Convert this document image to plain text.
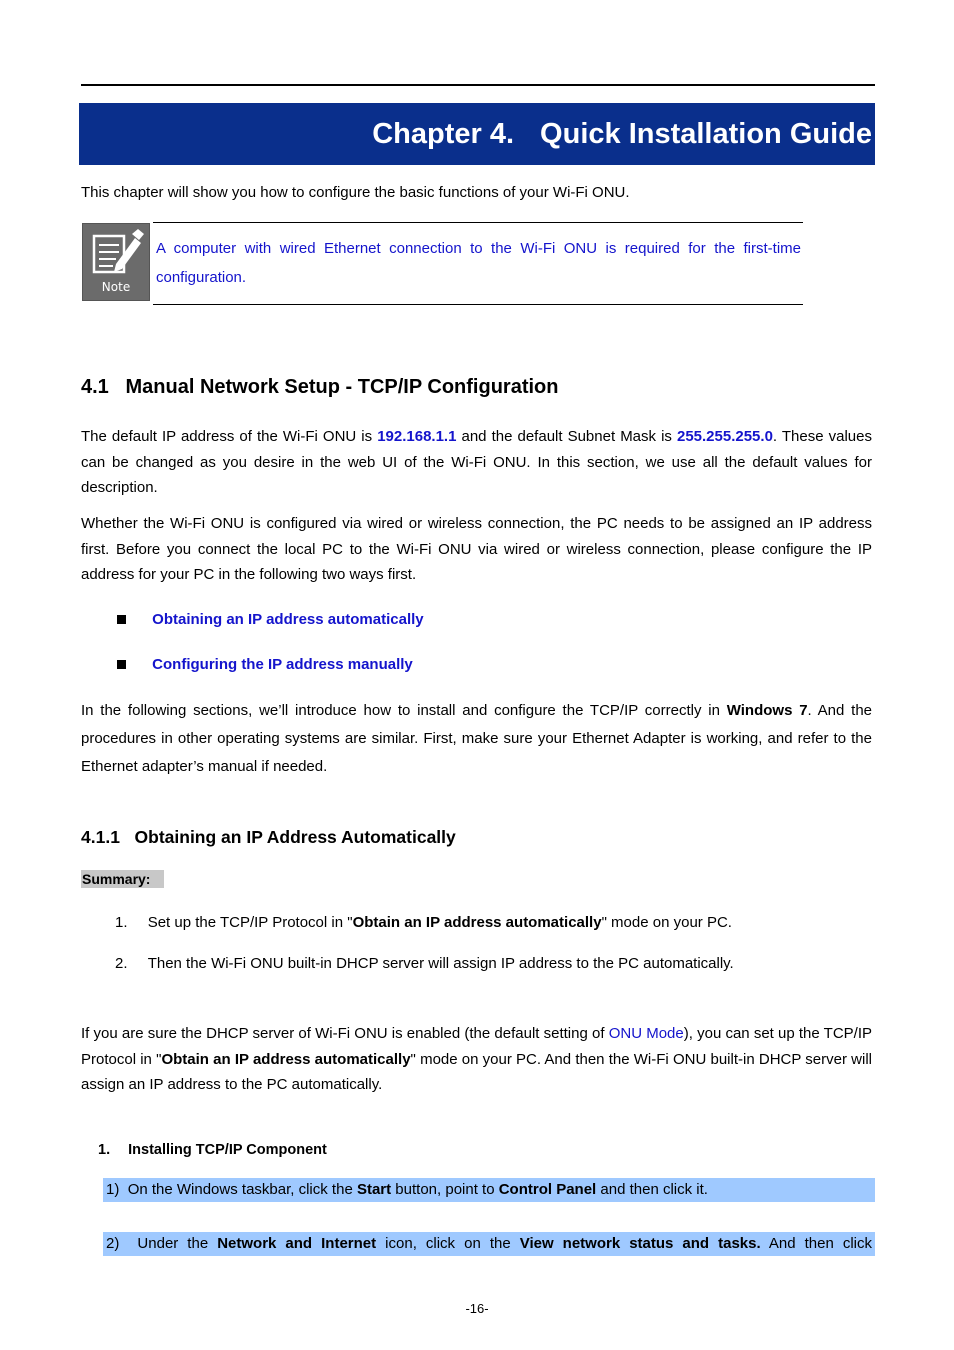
Chapter 4. Quick Installation Guide

This chapter will show you how to configure the basic functions of your Wi-Fi ONU.

Note
A computer with wired Ethernet connection to the Wi-Fi ONU is required for the first-time configuration.
4.1 Manual Network Setup - TCP/IP Configuration

The default IP address of the Wi-Fi ONU is 192.168.1.1 and the default Subnet Mask is 255.255.255.0. These values can be changed as you desire in the web UI of the Wi-Fi ONU. In this section, we use all the default values for description.

Whether the Wi-Fi ONU is configured via wired or wireless connection, the PC needs to be assigned an IP address first. Before you connect the local PC to the Wi-Fi ONU via wired or wireless connection, please configure the IP address for your PC in the following two ways first.

Obtaining an IP address automatically
Configuring the IP address manually

In the following sections, we’ll introduce how to install and configure the TCP/IP correctly in Windows 7. And the procedures in other operating systems are similar. First, make sure your Ethernet Adapter is working, and refer to the Ethernet adapter’s manual if needed.

4.1.1 Obtaining an IP Address Automatically
Summary:
1. Set up the TCP/IP Protocol in "Obtain an IP address automatically" mode on your PC.
2. Then the Wi-Fi ONU built-in DHCP server will assign IP address to the PC automatically.

If you are sure the DHCP server of Wi-Fi ONU is enabled (the default setting of ONU Mode), you can set up the TCP/IP Protocol in "Obtain an IP address automatically" mode on your PC. And then the Wi-Fi ONU built-in DHCP server will assign an IP address to the PC automatically.

1. Installing TCP/IP Component
1) On the Windows taskbar, click the Start button, point to Control Panel and then click it.
2) Under the Network and Internet icon, click on the View network status and tasks. And then click
-16-
